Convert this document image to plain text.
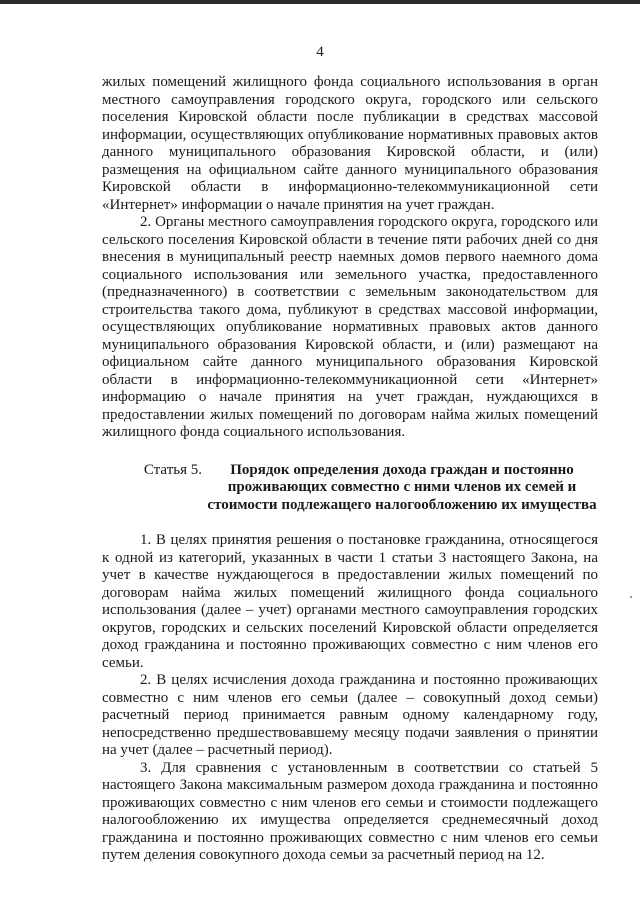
4

жилых помещений жилищного фонда социального использования в орган местного самоуправления городского округа, городского или сельского поселения Кировской области после публикации в средствах массовой информации, осуществляющих опубликование нормативных правовых актов данного муниципального образования Кировской области, и (или) размещения на официальном сайте данного муниципального образования Кировской области в информационно-телекоммуникационной сети «Интернет» информации о начале принятия на учет граждан.

2. Органы местного самоуправления городского округа, городского или сельского поселения Кировской области в течение пяти рабочих дней со дня внесения в муниципальный реестр наемных домов первого наемного дома социального использования или земельного участка, предоставленного (предназначенного) в соответствии с земельным законодательством для строительства такого дома, публикуют в средствах массовой информации, осуществляющих опубликование нормативных правовых актов данного муниципального образования Кировской области, и (или) размещают на официальном сайте данного муниципального образования Кировской области в информационно-телекоммуникационной сети «Интернет» информацию о начале принятия на учет граждан, нуждающихся в предоставлении жилых помещений по договорам найма жилых помещений жилищного фонда социального использования.

Статья 5.	Порядок определения дохода граждан и постоянно
проживающих совместно с ними членов их семей и
стоимости подлежащего налогообложению их имущества

1. В целях принятия решения о постановке гражданина, относящегося к одной из категорий, указанных в части 1 статьи 3 настоящего Закона, на учет в качестве нуждающегося в предоставлении жилых помещений по договорам найма жилых помещений жилищного фонда социального использования (далее – учет) органами местного самоуправления городских округов, городских и сельских поселений Кировской области определяется доход гражданина и постоянно проживающих совместно с ним членов его семьи.

2. В целях исчисления дохода гражданина и постоянно проживающих совместно с ним членов его семьи (далее – совокупный доход семьи) расчетный период принимается равным одному календарному году, непосредственно предшествовавшему месяцу подачи заявления о принятии на учет (далее – расчетный период).

3. Для сравнения с установленным в соответствии со статьей 5 настоящего Закона максимальным размером дохода гражданина и постоянно проживающих совместно с ним членов его семьи и стоимости подлежащего налогообложению их имущества определяется среднемесячный доход гражданина и постоянно проживающих совместно с ним членов его семьи путем деления совокупного дохода семьи за расчетный период на 12.
